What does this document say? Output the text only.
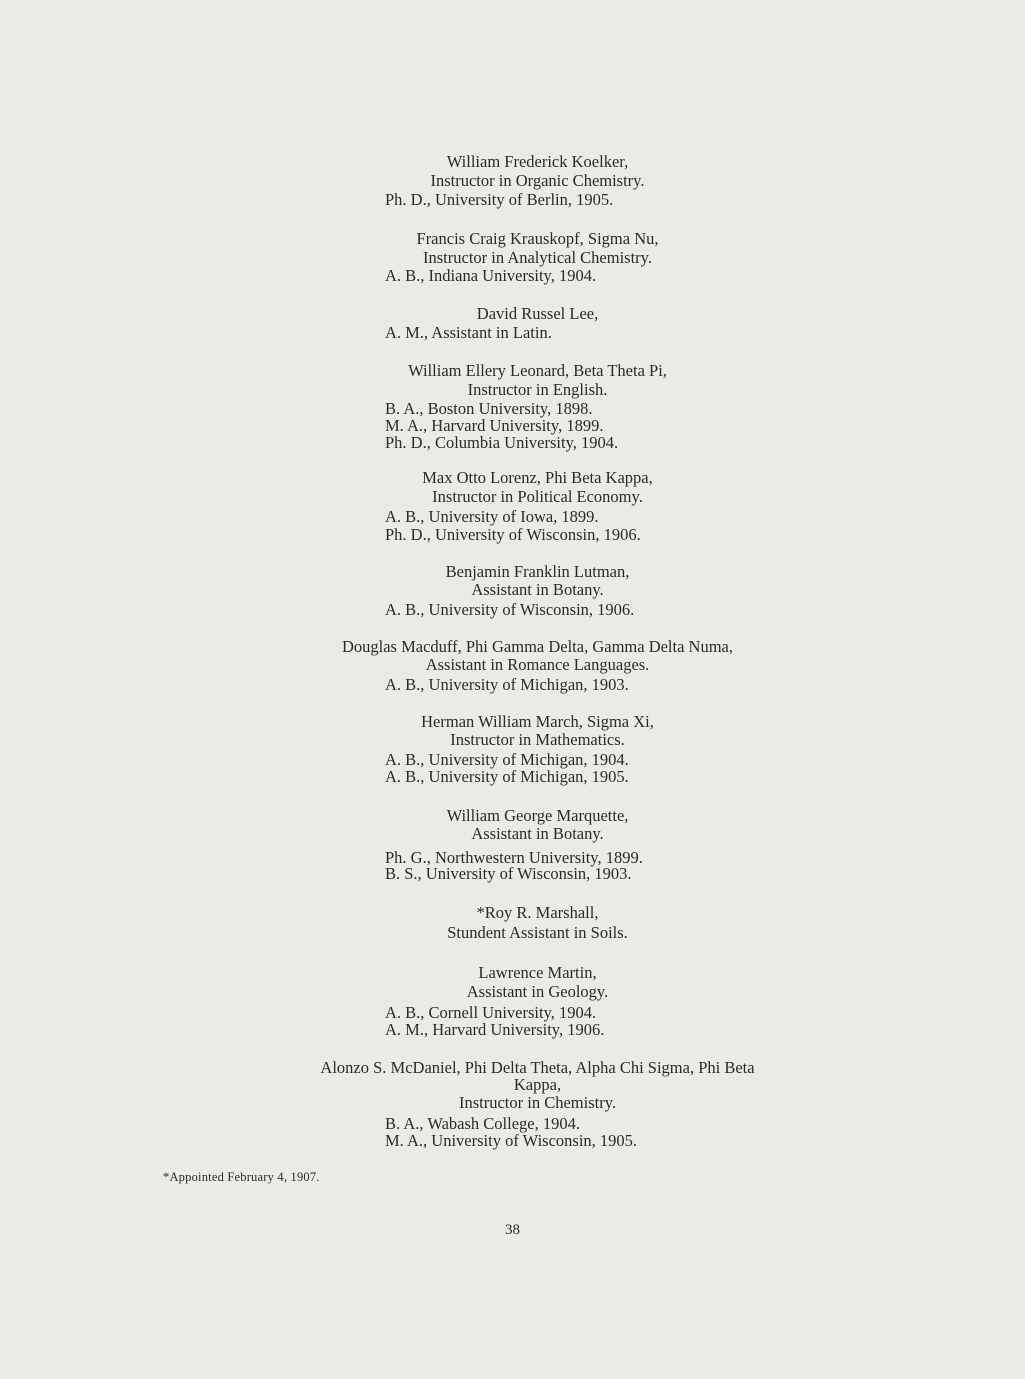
William Frederick Koelker,
Instructor in Organic Chemistry.
Ph. D., University of Berlin, 1905.
Francis Craig Krauskopf, Sigma Nu,
Instructor in Analytical Chemistry.
A. B., Indiana University, 1904.
David Russel Lee,
A. M., Assistant in Latin.
William Ellery Leonard, Beta Theta Pi,
Instructor in English.
B. A., Boston University, 1898.
M. A., Harvard University, 1899.
Ph. D., Columbia University, 1904.
Max Otto Lorenz, Phi Beta Kappa,
Instructor in Political Economy.
A. B., University of Iowa, 1899.
Ph. D., University of Wisconsin, 1906.
Benjamin Franklin Lutman,
Assistant in Botany.
A. B., University of Wisconsin, 1906.
Douglas Macduff, Phi Gamma Delta, Gamma Delta Numa,
Assistant in Romance Languages.
A. B., University of Michigan, 1903.
Herman William March, Sigma Xi,
Instructor in Mathematics.
A. B., University of Michigan, 1904.
A. B., University of Michigan, 1905.
William George Marquette,
Assistant in Botany.
Ph. G., Northwestern University, 1899.
B. S., University of Wisconsin, 1903.
*Roy R. Marshall,
Stundent Assistant in Soils.
Lawrence Martin,
Assistant in Geology.
A. B., Cornell University, 1904.
A. M., Harvard University, 1906.
Alonzo S. McDaniel, Phi Delta Theta, Alpha Chi Sigma, Phi Beta
Kappa,
Instructor in Chemistry.
B. A., Wabash College, 1904.
M. A., University of Wisconsin, 1905.
*Appointed February 4, 1907.
38
